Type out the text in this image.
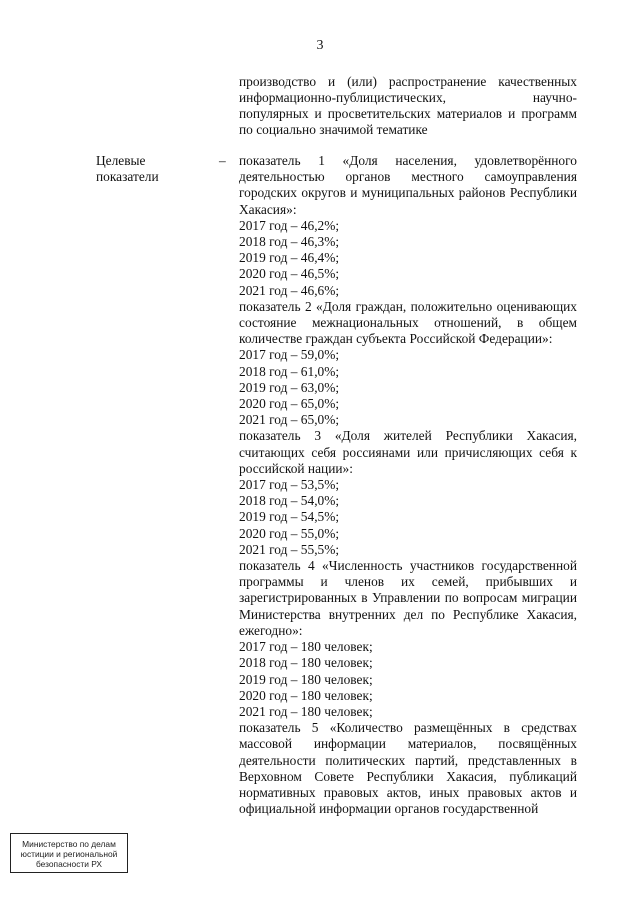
3
производство и (или) распространение качественных
информационно-публицистических, научно-
популярных и просветительских материалов и программ
по социально значимой тематике
Целевые показатели
– показатель 1 «Доля населения, удовлетворённого деятельностью органов местного самоуправления городских округов и муниципальных районов Республики Хакасия»:
2017 год – 46,2%;
2018 год – 46,3%;
2019 год – 46,4%;
2020 год – 46,5%;
2021 год – 46,6%;
показатель 2 «Доля граждан, положительно оценивающих состояние межнациональных отношений, в общем количестве граждан субъекта Российской Федерации»:
2017 год – 59,0%;
2018 год – 61,0%;
2019 год – 63,0%;
2020 год – 65,0%;
2021 год – 65,0%;
показатель 3 «Доля жителей Республики Хакасия, считающих себя россиянами или причисляющих себя к российской нации»:
2017 год – 53,5%;
2018 год – 54,0%;
2019 год – 54,5%;
2020 год – 55,0%;
2021 год – 55,5%;
показатель 4 «Численность участников государственной программы и членов их семей, прибывших и зарегистрированных в Управлении по вопросам миграции Министерства внутренних дел по Республике Хакасия, ежегодно»:
2017 год – 180 человек;
2018 год – 180 человек;
2019 год – 180 человек;
2020 год – 180 человек;
2021 год – 180 человек;
показатель 5 «Количество размещённых в средствах массовой информации материалов, посвящённых деятельности политических партий, представленных в Верховном Совете Республики Хакасия, публикаций нормативных правовых актов, иных правовых актов и официальной информации органов государственной
Министерство по делам
юстиции и региональной
безопасности РХ
